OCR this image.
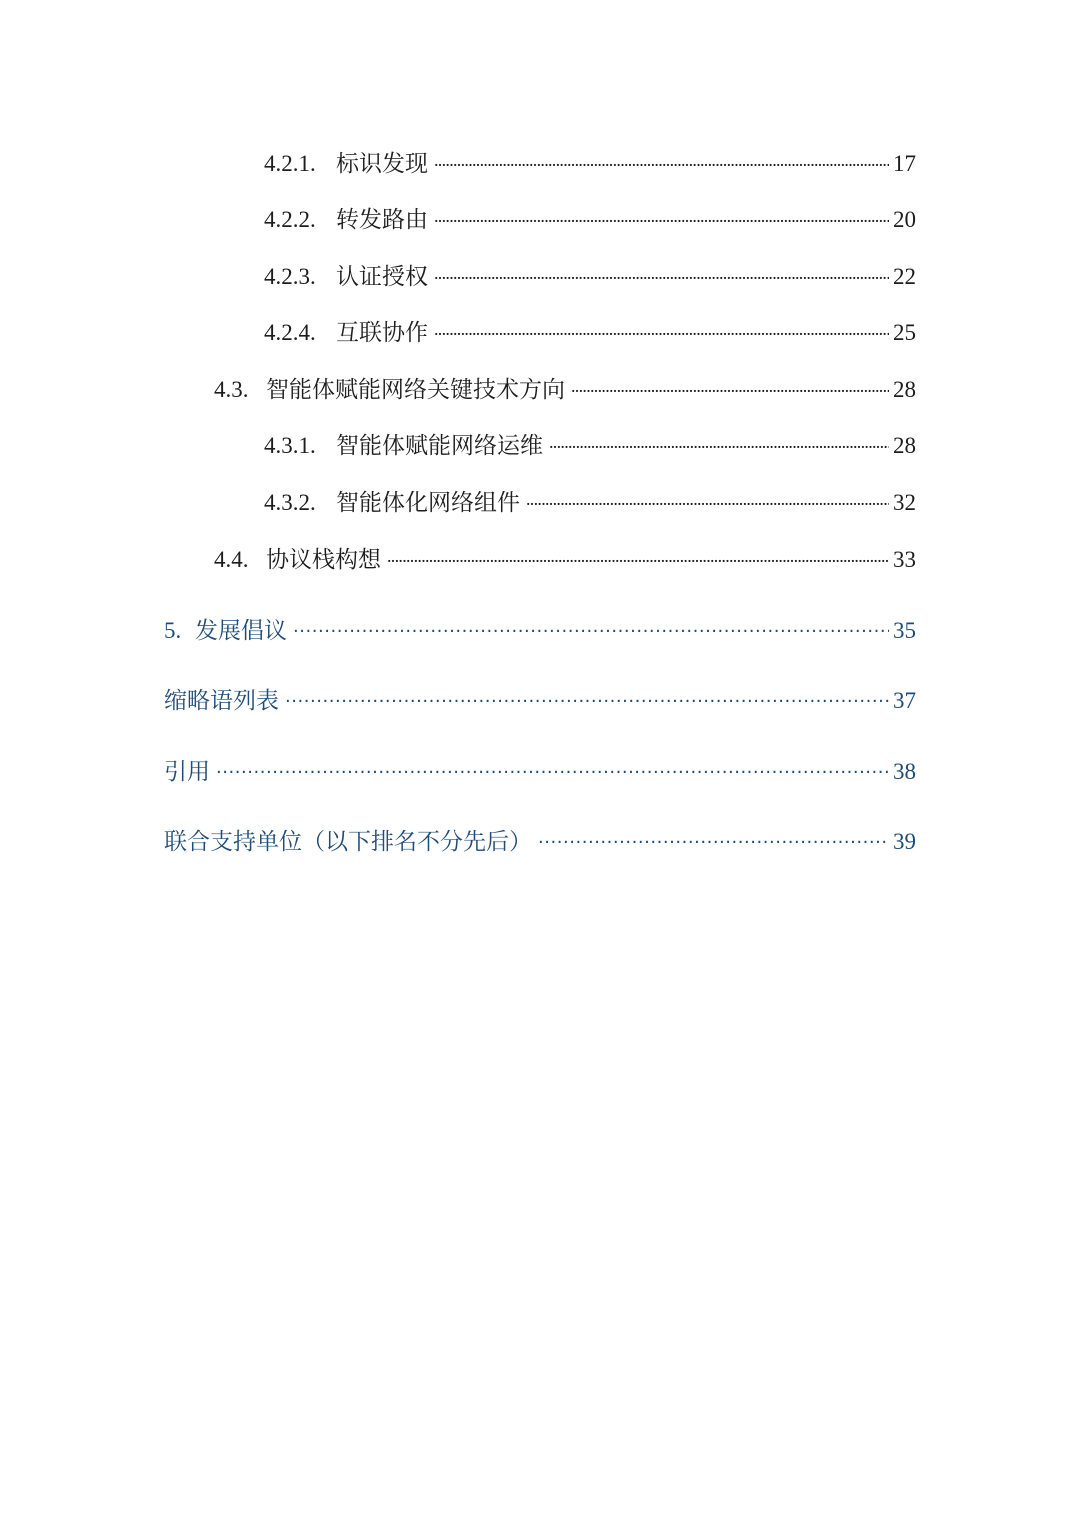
4.2.1. 标识发现 . . .	17
4.2.2. 转发路由 . . .	20
4.2.3. 认证授权 . . .	22
4.2.4. 互联协作 . . .	25
4.3. 智能体赋能网络关键技术方向 . . .	28
4.3.1. 智能体赋能网络运维 . . .	28
4.3.2. 智能体化网络组件 . . .	32
4.4. 协议栈构想 . . .	33
5. 发展倡议 . . .	35
缩略语列表 . . .	37
引用 . . .	38
联合支持单位（以下排名不分先后） . . .	39
